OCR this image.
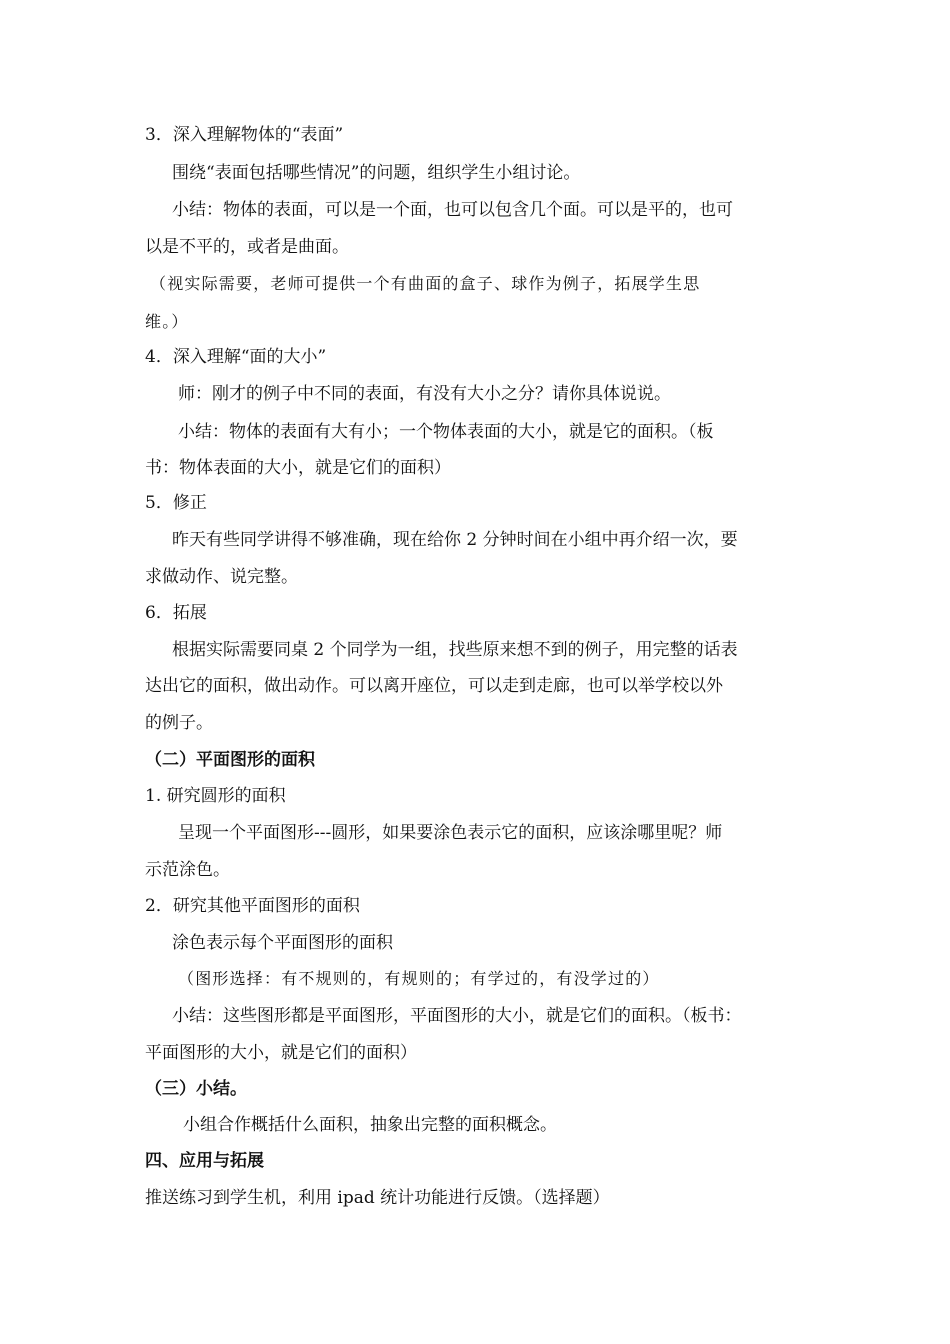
3．深入理解物体的“表面”
围绕“表面包括哪些情况”的问题，组织学生小组讨论。
小结：物体的表面，可以是一个面，也可以包含几个面。可以是平的，也可
以是不平的，或者是曲面。
（视实际需要，老师可提供一个有曲面的盒子、球作为例子，拓展学生思
维。）
4．深入理解“面的大小”
师：刚才的例子中不同的表面，有没有大小之分？请你具体说说。
小结：物体的表面有大有小；一个物体表面的大小，就是它的面积。（板
书：物体表面的大小，就是它们的面积）
5．修正
昨天有些同学讲得不够准确，现在给你 2 分钟时间在小组中再介绍一次，要
求做动作、说完整。
6．拓展
根据实际需要同桌 2 个同学为一组，找些原来想不到的例子，用完整的话表
达出它的面积，做出动作。可以离开座位，可以走到走廊，也可以举学校以外
的例子。
（二）平面图形的面积
1. 研究圆形的面积
呈现一个平面图形---圆形，如果要涂色表示它的面积，应该涂哪里呢？师
示范涂色。
2．研究其他平面图形的面积
涂色表示每个平面图形的面积
（图形选择：有不规则的，有规则的；有学过的，有没学过的）
小结：这些图形都是平面图形，平面图形的大小，就是它们的面积。（板书：
平面图形的大小，就是它们的面积）
（三）小结。
小组合作概括什么面积，抽象出完整的面积概念。
四、应用与拓展
推送练习到学生机，利用 ipad 统计功能进行反馈。（选择题）
